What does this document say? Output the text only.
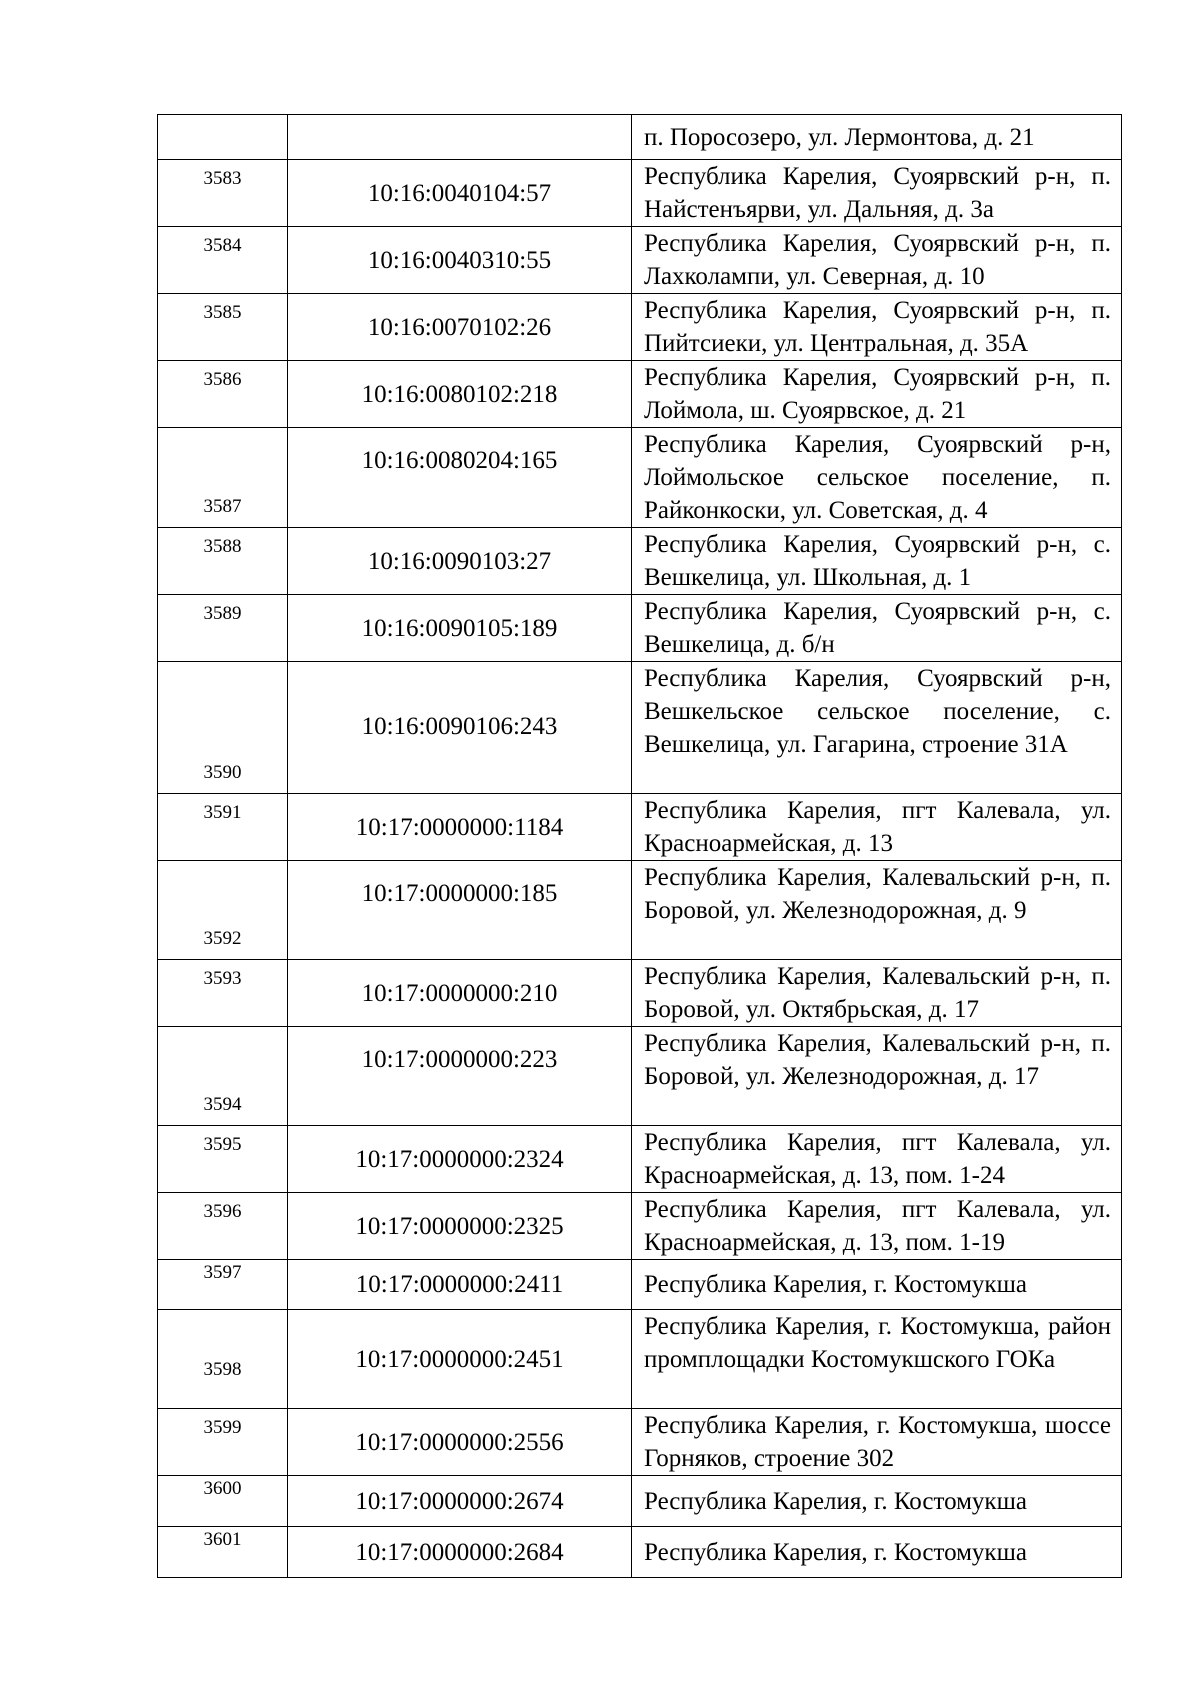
		п. Поросозеро, ул. Лермонтова, д. 21
3583	10:16:0040104:57	Республика Карелия, Суоярвский р-н, п. Найстенъярви, ул. Дальняя, д. 3а
3584	10:16:0040310:55	Республика Карелия, Суоярвский р-н, п. Лахколампи, ул. Северная, д. 10
3585	10:16:0070102:26	Республика Карелия, Суоярвский р-н, п. Пийтсиеки, ул. Центральная, д. 35А
3586	10:16:0080102:218	Республика Карелия, Суоярвский р-н, п. Лоймола, ш. Суоярвское, д. 21
3587	10:16:0080204:165	Республика Карелия, Суоярвский р-н, Лоймольское сельское поселение, п. Райконкоски, ул. Советская, д. 4
3588	10:16:0090103:27	Республика Карелия, Суоярвский р-н, с. Вешкелица, ул. Школьная, д. 1
3589	10:16:0090105:189	Республика Карелия, Суоярвский р-н, с. Вешкелица, д. б/н
3590	10:16:0090106:243	Республика Карелия, Суоярвский р-н, Вешкельское сельское поселение, с. Вешкелица, ул. Гагарина, строение 31А
3591	10:17:0000000:1184	Республика Карелия, пгт Калевала, ул. Красноармейская, д. 13
3592	10:17:0000000:185	Республика Карелия, Калевальский р-н, п. Боровой, ул. Железнодорожная, д. 9
3593	10:17:0000000:210	Республика Карелия, Калевальский р-н, п. Боровой, ул. Октябрьская, д. 17
3594	10:17:0000000:223	Республика Карелия, Калевальский р-н, п. Боровой, ул. Железнодорожная, д. 17
3595	10:17:0000000:2324	Республика Карелия, пгт Калевала, ул. Красноармейская, д. 13, пом. 1-24
3596	10:17:0000000:2325	Республика Карелия, пгт Калевала, ул. Красноармейская, д. 13, пом. 1-19
3597	10:17:0000000:2411	Республика Карелия, г. Костомукша
3598	10:17:0000000:2451	Республика Карелия, г. Костомукша, район промплощадки Костомукшского ГОКа
3599	10:17:0000000:2556	Республика Карелия, г. Костомукша, шоссе Горняков, строение 302
3600	10:17:0000000:2674	Республика Карелия, г. Костомукша
3601	10:17:0000000:2684	Республика Карелия, г. Костомукша
